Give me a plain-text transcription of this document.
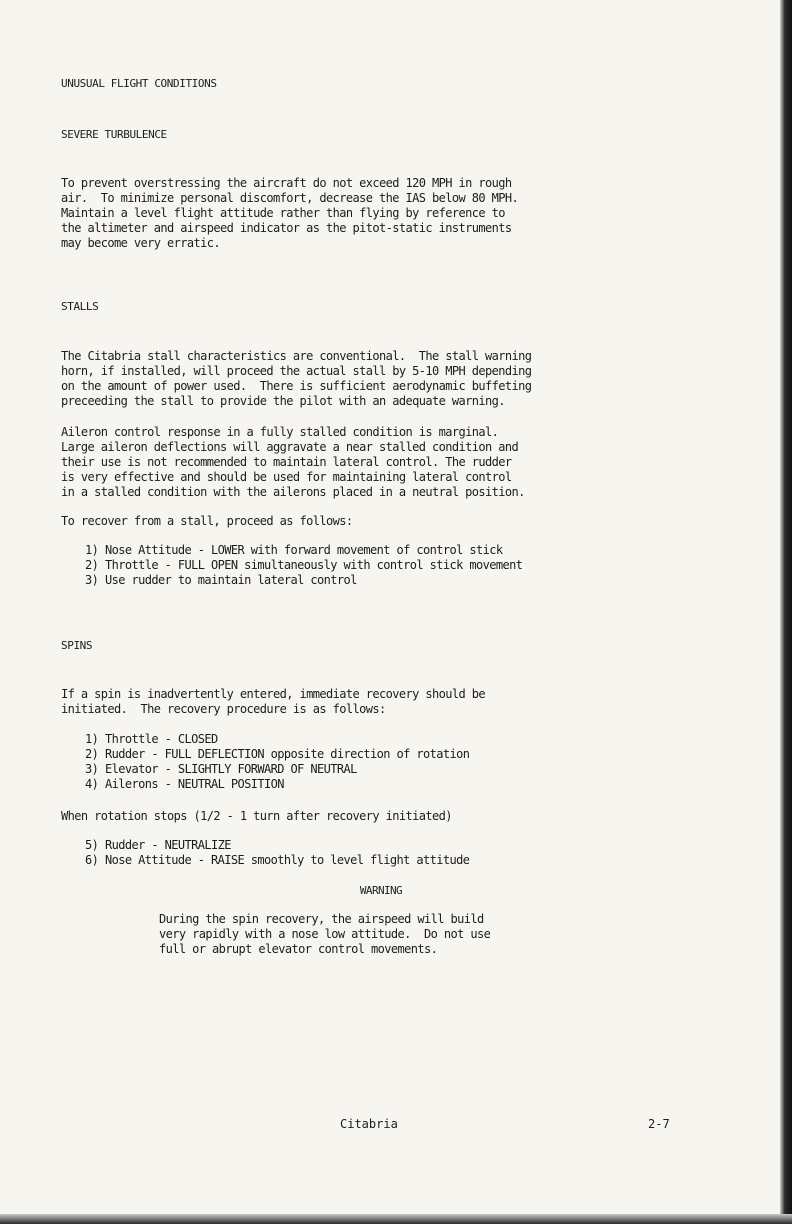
UNUSUAL FLIGHT CONDITIONS
SEVERE TURBULENCE

To prevent overstressing the aircraft do not exceed 120 MPH in rough

air.  To minimize personal discomfort, decrease the IAS below 80 MPH.

Maintain a level flight attitude rather than flying by reference to

the altimeter and airspeed indicator as the pitot-static instruments

may become very erratic.

STALLS

The Citabria stall characteristics are conventional.  The stall warning

horn, if installed, will proceed the actual stall by 5-10 MPH depending

on the amount of power used.  There is sufficient aerodynamic buffeting

preceeding the stall to provide the pilot with an adequate warning.

Aileron control response in a fully stalled condition is marginal.

Large aileron deflections will aggravate a near stalled condition and

their use is not recommended to maintain lateral control. The rudder

is very effective and should be used for maintaining lateral control

in a stalled condition with the ailerons placed in a neutral position.

To recover from a stall, proceed as follows:

1) Nose Attitude - LOWER with forward movement of control stick
2) Throttle - FULL OPEN simultaneously with control stick movement
3) Use rudder to maintain lateral control
SPINS

If a spin is inadvertently entered, immediate recovery should be

initiated.  The recovery procedure is as follows:

1) Throttle - CLOSED
2) Rudder - FULL DEFLECTION opposite direction of rotation
3) Elevator - SLIGHTLY FORWARD OF NEUTRAL
4) Ailerons - NEUTRAL POSITION

When rotation stops (1/2 - 1 turn after recovery initiated)

5) Rudder - NEUTRALIZE
6) Nose Attitude - RAISE smoothly to level flight attitude

WARNING

During the spin recovery, the airspeed will build

very rapidly with a nose low attitude.  Do not use

full or abrupt elevator control movements.

Citabria	2-7
